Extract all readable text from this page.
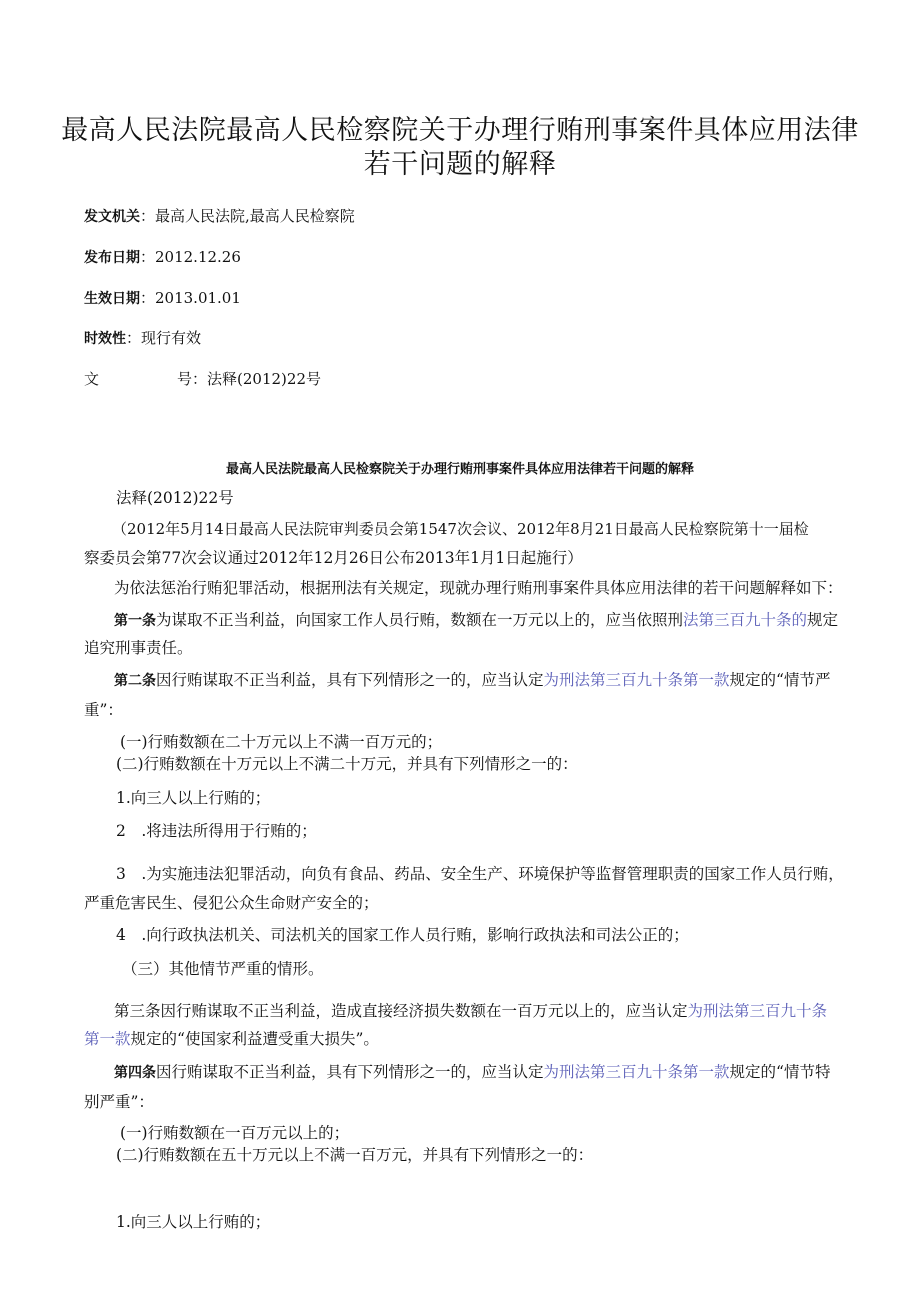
最高人民法院最高人民检察院关于办理行贿刑事案件具体应用法律
若干问题的解释
发文机关：最高人民法院,最高人民检察院
发布日期：2012.12.26
生效日期：2013.01.01
时效性：现行有效
文	号：法释(2012)22号
最高人民法院最高人民检察院关于办理行贿刑事案件具体应用法律若干问题的解释
法释(2012)22号
（2012年5月14日最高人民法院审判委员会第1547次会议、2012年8月21日最高人民检察院第十一届检
察委员会第77次会议通过2012年12月26日公布2013年1月1日起施行）
为依法惩治行贿犯罪活动，根据刑法有关规定，现就办理行贿刑事案件具体应用法律的若干问题解释如下：
第一条为谋取不正当利益，向国家工作人员行贿，数额在一万元以上的，应当依照刑法第三百九十条的规定
追究刑事责任。
第二条因行贿谋取不正当利益，具有下列情形之一的，应当认定为刑法第三百九十条第一款规定的“情节严
重”：
(一)行贿数额在二十万元以上不满一百万元的；
(二)行贿数额在十万元以上不满二十万元，并具有下列情形之一的：
1.向三人以上行贿的；
2　.将违法所得用于行贿的；
3　.为实施违法犯罪活动，向负有食品、药品、安全生产、环境保护等监督管理职责的国家工作人员行贿，
严重危害民生、侵犯公众生命财产安全的；
4　.向行政执法机关、司法机关的国家工作人员行贿，影响行政执法和司法公正的；
（三）其他情节严重的情形。
第三条因行贿谋取不正当利益，造成直接经济损失数额在一百万元以上的，应当认定为刑法第三百九十条
第一款规定的“使国家利益遭受重大损失”。
第四条因行贿谋取不正当利益，具有下列情形之一的，应当认定为刑法第三百九十条第一款规定的“情节特
别严重”：
(一)行贿数额在一百万元以上的；
(二)行贿数额在五十万元以上不满一百万元，并具有下列情形之一的：
1.向三人以上行贿的；
